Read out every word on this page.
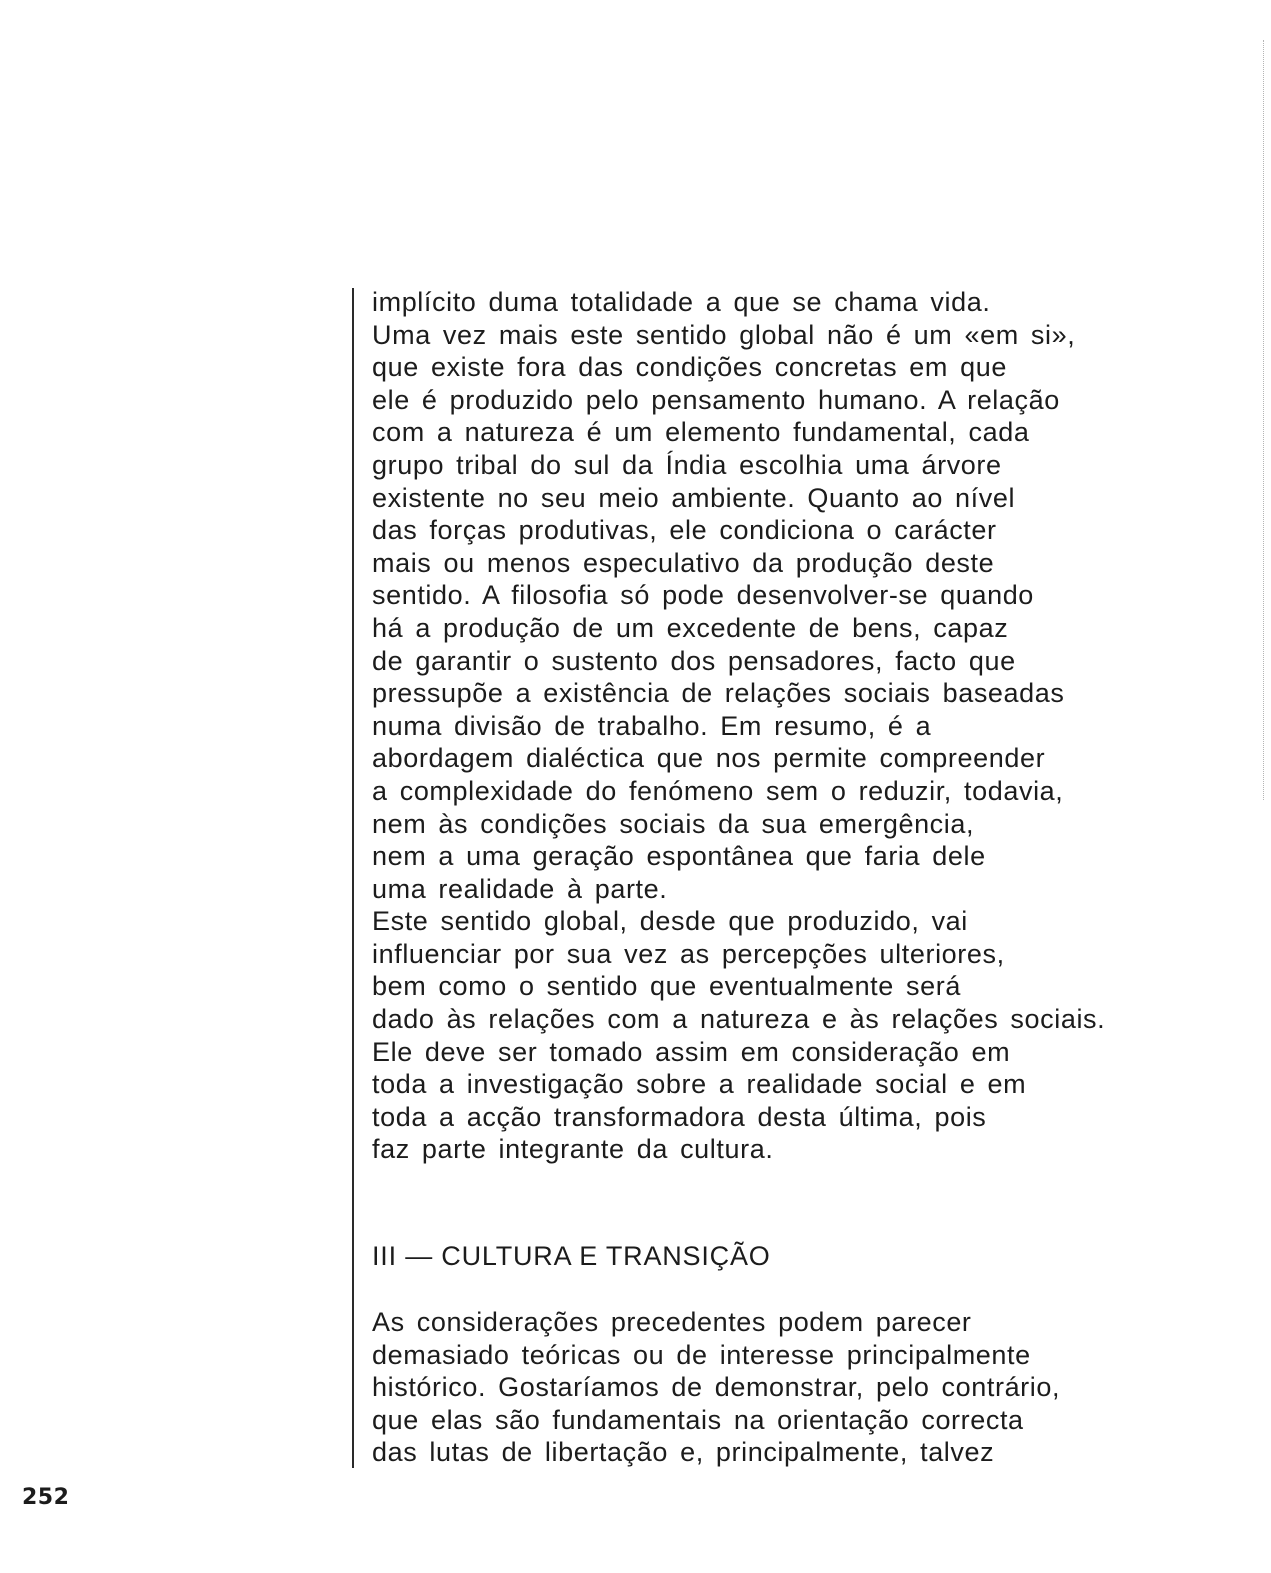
implícito duma totalidade a que se chama vida.
Uma vez mais este sentido global não é um «em si»,
que existe fora das condições concretas em que
ele é produzido pelo pensamento humano. A relação
com a natureza é um elemento fundamental, cada
grupo tribal do sul da Índia escolhia uma árvore
existente no seu meio ambiente. Quanto ao nível
das forças produtivas, ele condiciona o carácter
mais ou menos especulativo da produção deste
sentido. A filosofia só pode desenvolver-se quando
há a produção de um excedente de bens, capaz
de garantir o sustento dos pensadores, facto que
pressupõe a existência de relações sociais baseadas
numa divisão de trabalho. Em resumo, é a
abordagem dialéctica que nos permite compreender
a complexidade do fenómeno sem o reduzir, todavia,
nem às condições sociais da sua emergência,
nem a uma geração espontânea que faria dele
uma realidade à parte.
Este sentido global, desde que produzido, vai
influenciar por sua vez as percepções ulteriores,
bem como o sentido que eventualmente será
dado às relações com a natureza e às relações sociais.
Ele deve ser tomado assim em consideração em
toda a investigação sobre a realidade social e em
toda a acção transformadora desta última, pois
faz parte integrante da cultura.
III — CULTURA E TRANSIÇÃO
As considerações precedentes podem parecer
demasiado teóricas ou de interesse principalmente
histórico. Gostaríamos de demonstrar, pelo contrário,
que elas são fundamentais na orientação correcta
das lutas de libertação e, principalmente, talvez
252
